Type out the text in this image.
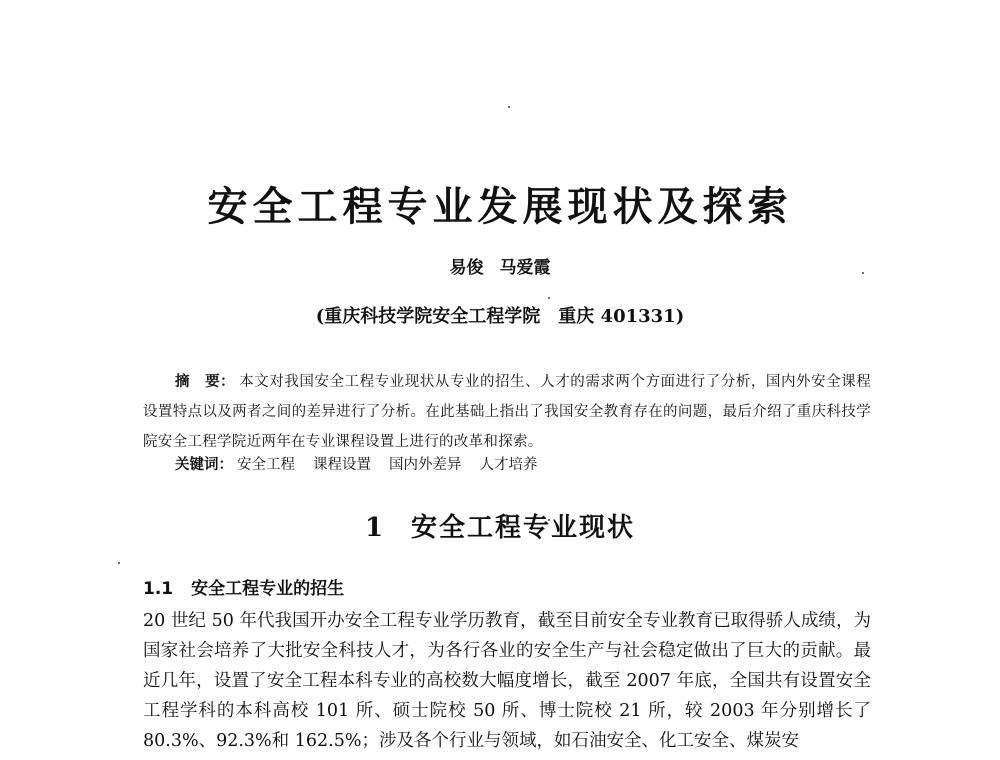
安全工程专业发展现状及探索
易俊 马爱霞
(重庆科技学院安全工程学院　重庆 401331)
摘　要： 本文对我国安全工程专业现状从专业的招生、人才的需求两个方面进行了分析，国内外安全课程设置特点以及两者之间的差异进行了分析。在此基础上指出了我国安全教育存在的问题，最后介绍了重庆科技学院安全工程学院近两年在专业课程设置上进行的改革和探索。
关键词： 安全工程 课程设置 国内外差异 人才培养
1 安全工程专业现状
1.1 安全工程专业的招生
20 世纪 50 年代我国开办安全工程专业学历教育，截至目前安全专业教育已取得骄人成绩，为国家社会培养了大批安全科技人才，为各行各业的安全生产与社会稳定做出了巨大的贡献。最近几年，设置了安全工程本科专业的高校数大幅度增长，截至 2007 年底，全国共有设置安全工程学科的本科高校 101 所、硕士院校 50 所、博士院校 21 所，较 2003 年分别增长了 80.3%、92.3%和 162.5%；涉及各个行业与领域，如石油安全、化工安全、煤炭安
